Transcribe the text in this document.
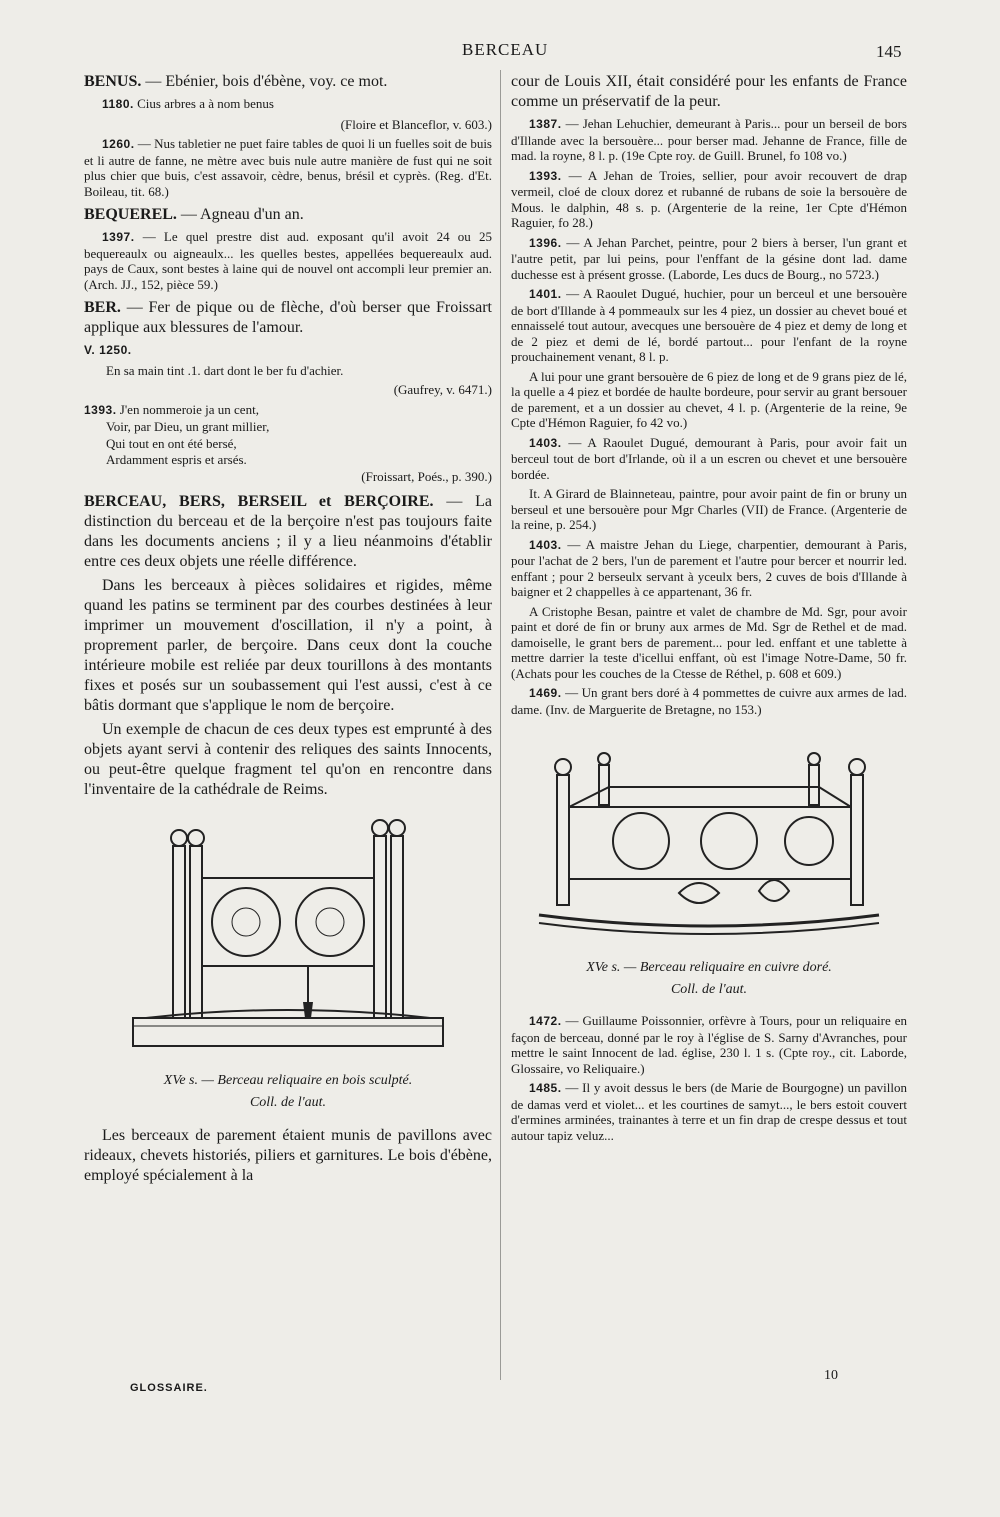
BERCEAU	145

BENUS. — Ebénier, bois d'ébène, voy. ce mot.

1180. Cius arbres a à nom benus

(Floire et Blanceflor, v. 603.)

1260. — Nus tabletier ne puet faire tables de quoi li un fuelles soit de buis et li autre de fanne, ne mètre avec buis nule autre manière de fust qui ne soit plus chier que buis, c'est assavoir, cèdre, benus, brésil et cyprès. (Reg. d'Et. Boileau, tit. 68.)

BEQUEREL. — Agneau d'un an.

1397. — Le quel prestre dist aud. exposant qu'il avoit 24 ou 25 bequereaulx ou aigneaulx... les quelles bestes, appellées bequereaulx aud. pays de Caux, sont bestes à laine qui de nouvel ont accompli leur premier an. (Arch. JJ., 152, pièce 59.)

BER. — Fer de pique ou de flèche, d'où berser que Froissart applique aux blessures de l'amour.

V. 1250.

En sa main tint .1. dart dont le ber fu d'achier.

(Gaufrey, v. 6471.)

1393. J'en nommeroie ja un cent,

Voir, par Dieu, un grant millier,

Qui tout en ont été bersé,

Ardamment espris et arsés.

(Froissart, Poés., p. 390.)

BERCEAU, BERS, BERSEIL et BERÇOIRE. — La distinction du berceau et de la berçoire n'est pas toujours faite dans les documents anciens ; il y a lieu néanmoins d'établir entre ces deux objets une réelle différence.

Dans les berceaux à pièces solidaires et rigides, même quand les patins se terminent par des courbes destinées à leur imprimer un mouvement d'oscillation, il n'y a point, à proprement parler, de berçoire. Dans ceux dont la couche intérieure mobile est reliée par deux tourillons à des montants fixes et posés sur un soubassement qui l'est aussi, c'est à ce bâtis dormant que s'applique le nom de berçoire.

Un exemple de chacun de ces deux types est emprunté à des objets ayant servi à contenir des reliques des saints Innocents, ou peut-être quelque fragment tel qu'on en rencontre dans l'inventaire de la cathédrale de Reims.

XVe s. — Berceau reliquaire en bois sculpté.

Coll. de l'aut.

Les berceaux de parement étaient munis de pavillons avec rideaux, chevets historiés, piliers et garnitures. Le bois d'ébène, employé spécialement à la

cour de Louis XII, était considéré pour les enfants de France comme un préservatif de la peur.

1387. — Jehan Lehuchier, demeurant à Paris... pour un berseil de bors d'Illande avec la bersouère... pour berser mad. Jehanne de France, fille de mad. la royne, 8 l. p. (19e Cpte roy. de Guill. Brunel, fo 108 vo.)

1393. — A Jehan de Troies, sellier, pour avoir recouvert de drap vermeil, cloé de cloux dorez et rubanné de rubans de soie la bersouère de Mous. le dalphin, 48 s. p. (Argenterie de la reine, 1er Cpte d'Hémon Raguier, fo 28.)

1396. — A Jehan Parchet, peintre, pour 2 biers à berser, l'un grant et l'autre petit, par lui peins, pour l'enffant de la gésine dont lad. dame duchesse est à présent grosse. (Laborde, Les ducs de Bourg., no 5723.)

1401. — A Raoulet Dugué, huchier, pour un berceul et une bersouère de bort d'Illande à 4 pommeaulx sur les 4 piez, un dossier au chevet boué et ennaisselé tout autour, avecques une bersouère de 4 piez et demy de long et de 2 piez et demi de lé, bordé partout... pour l'enfant de la royne prouchainement venant, 8 l. p.

A lui pour une grant bersouère de 6 piez de long et de 9 grans piez de lé, la quelle a 4 piez et bordée de haulte bordeure, pour servir au grant bersouer de parement, et a un dossier au chevet, 4 l. p. (Argenterie de la reine, 9e Cpte d'Hémon Raguier, fo 42 vo.)

1403. — A Raoulet Dugué, demourant à Paris, pour avoir fait un berceul tout de bort d'Irlande, où il a un escren ou chevet et une bersouère bordée.

It. A Girard de Blainneteau, paintre, pour avoir paint de fin or bruny un berseul et une bersouère pour Mgr Charles (VII) de France. (Argenterie de la reine, p. 254.)

1403. — A maistre Jehan du Liege, charpentier, demourant à Paris, pour l'achat de 2 bers, l'un de parement et l'autre pour bercer et nourrir led. enffant ; pour 2 berseulx servant à yceulx bers, 2 cuves de bois d'Illande à baigner et 2 chappelles à ce appartenant, 36 fr.

A Cristophe Besan, paintre et valet de chambre de Md. Sgr, pour avoir paint et doré de fin or bruny aux armes de Md. Sgr de Rethel et de mad. damoiselle, le grant bers de parement... pour led. enffant et une tablette à mettre darrier la teste d'icellui enffant, où est l'image Notre-Dame, 50 fr. (Achats pour les couches de la Ctesse de Réthel, p. 608 et 609.)

1469. — Un grant bers doré à 4 pommettes de cuivre aux armes de lad. dame. (Inv. de Marguerite de Bretagne, no 153.)

XVe s. — Berceau reliquaire en cuivre doré.

Coll. de l'aut.

1472. — Guillaume Poissonnier, orfèvre à Tours, pour un reliquaire en façon de berceau, donné par le roy à l'église de S. Sarny d'Avranches, pour mettre le saint Innocent de lad. église, 230 l. 1 s. (Cpte roy., cit. Laborde, Glossaire, vo Reliquaire.)

1485. — Il y avoit dessus le bers (de Marie de Bourgogne) un pavillon de damas verd et violet... et les courtines de samyt..., le bers estoit couvert d'ermines arminées, trainantes à terre et un fin drap de crespe dessus et tout autour tapiz veluz...

GLOSSAIRE.
10
